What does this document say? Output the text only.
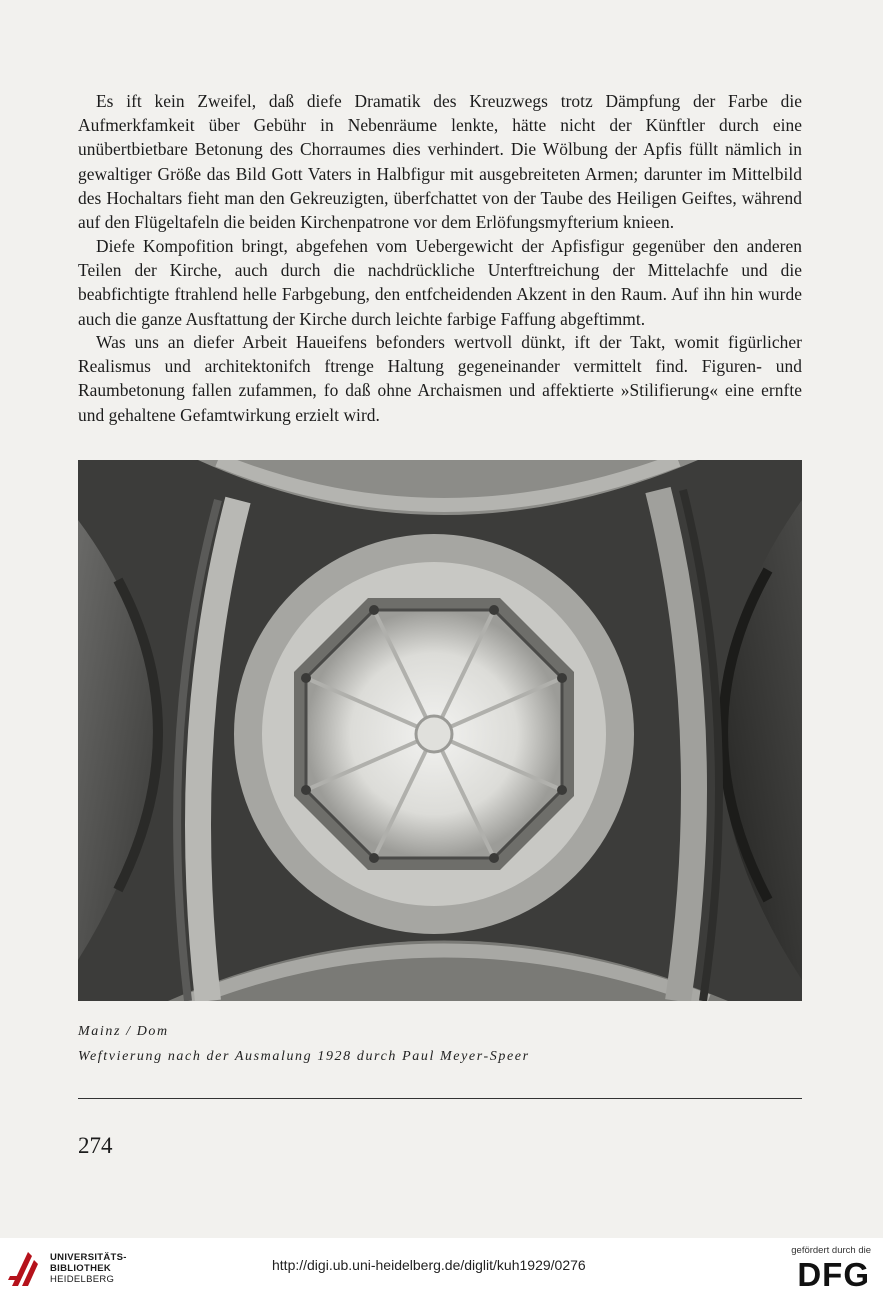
Es ift kein Zweifel, daß diefe Dramatik des Kreuzwegs trotz Dämpfung der Farbe die Aufmerkfamkeit über Gebühr in Nebenräume lenkte, hätte nicht der Künftler durch eine unübertbietbare Betonung des Chorraumes dies verhindert. Die Wölbung der Apfis füllt nämlich in gewaltiger Größe das Bild Gott Vaters in Halbfigur mit ausgebreiteten Armen; darunter im Mittelbild des Hochaltars fieht man den Gekreuzigten, überfchattet von der Taube des Heiligen Geiftes, während auf den Flügeltafeln die beiden Kirchenpatrone vor dem Erlöfungsmyfterium knieen.

Diefe Kompofition bringt, abgefehen vom Uebergewicht der Apfisfigur gegenüber den anderen Teilen der Kirche, auch durch die nachdrückliche Unterftreichung der Mittelachfe und die beabfichtigte ftrahlend helle Farbgebung, den entfcheidenden Akzent in den Raum. Auf ihn hin wurde auch die ganze Ausftattung der Kirche durch leichte farbige Faffung abgeftimmt.

Was uns an diefer Arbeit Haueifens befonders wertvoll dünkt, ift der Takt, womit figürlicher Realismus und architektonifch ftrenge Haltung gegeneinander vermittelt find. Figuren- und Raumbetonung fallen zufammen, fo daß ohne Archaismen und affektierte »Stilifierung« eine ernfte und gehaltene Gefamtwirkung erzielt wird.

Mainz / Dom

Weftvierung nach der Ausmalung 1928 durch Paul Meyer-Speer

274
UNIVERSITÄTS-
BIBLIOTHEK
HEIDELBERG
http://digi.ub.uni-heidelberg.de/diglit/kuh1929/0276
gefördert durch die
DFG
